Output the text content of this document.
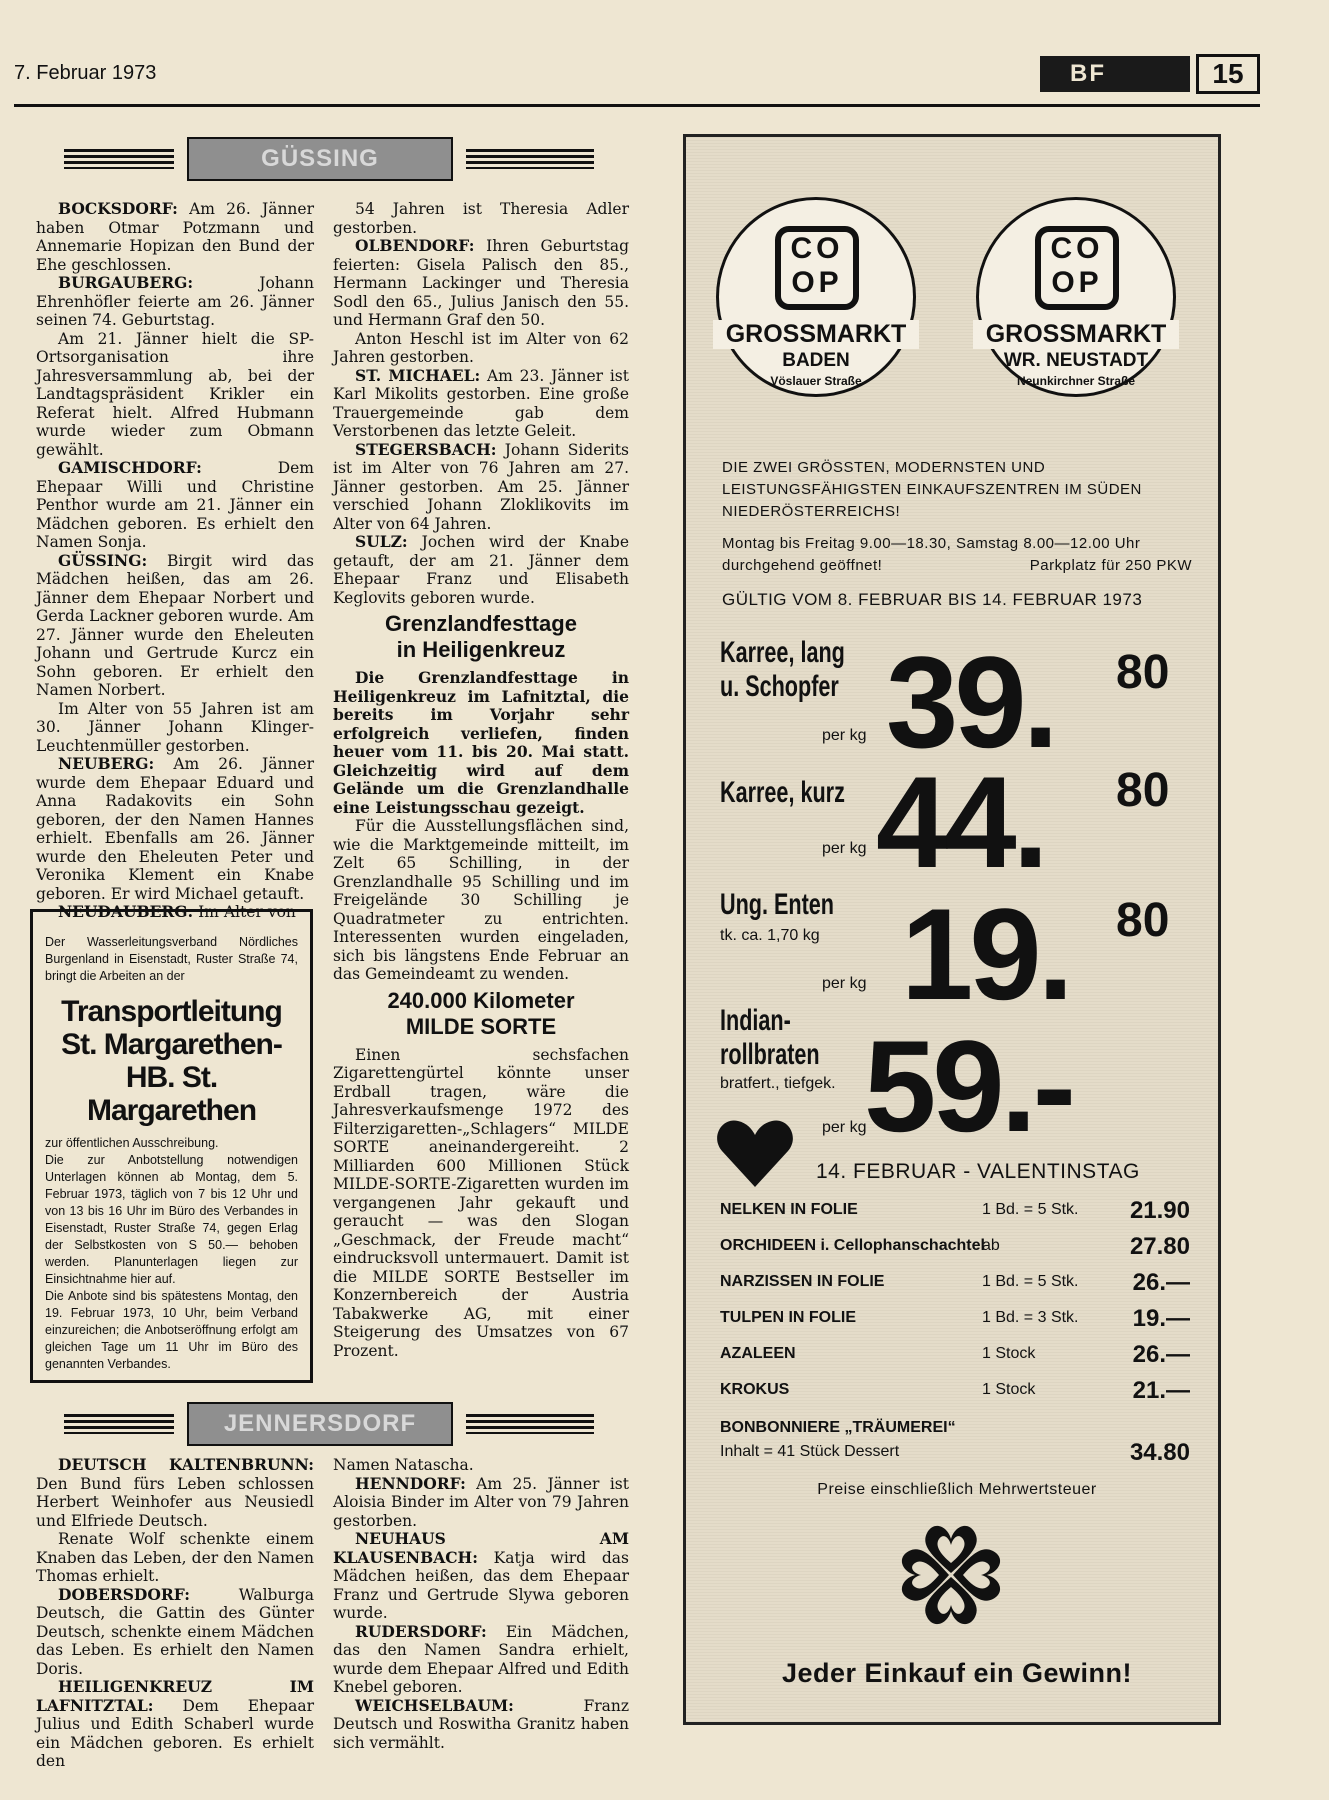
7. Februar 1973	BF	15
GÜSSING

BOCKSDORF: Am 26. Jänner haben Otmar Potzmann und Annemarie Hopizan den Bund der Ehe geschlossen.

BURGAUBERG: Johann Ehrenhöfler feierte am 26. Jänner seinen 74. Geburtstag.

Am 21. Jänner hielt die SP-Ortsorganisation ihre Jahresversammlung ab, bei der Landtagspräsident Krikler ein Referat hielt. Alfred Hubmann wurde wieder zum Obmann gewählt.

GAMISCHDORF: Dem Ehepaar Willi und Christine Penthor wurde am 21. Jänner ein Mädchen geboren. Es erhielt den Namen Sonja.

GÜSSING: Birgit wird das Mädchen heißen, das am 26. Jänner dem Ehepaar Norbert und Gerda Lackner geboren wurde. Am 27. Jänner wurde den Eheleuten Johann und Gertrude Kurcz ein Sohn geboren. Er erhielt den Namen Norbert.

Im Alter von 55 Jahren ist am 30. Jänner Johann Klinger-Leuchtenmüller gestorben.

NEUBERG: Am 26. Jänner wurde dem Ehepaar Eduard und Anna Radakovits ein Sohn geboren, der den Namen Hannes erhielt. Ebenfalls am 26. Jänner wurde den Eheleuten Peter und Veronika Klement ein Knabe geboren. Er wird Michael getauft.

NEUDAUBERG: Im Alter von

54 Jahren ist Theresia Adler gestorben.

OLBENDORF: Ihren Geburtstag feierten: Gisela Palisch den 85., Hermann Lackinger und Theresia Sodl den 65., Julius Janisch den 55. und Hermann Graf den 50.

Anton Heschl ist im Alter von 62 Jahren gestorben.

ST. MICHAEL: Am 23. Jänner ist Karl Mikolits gestorben. Eine große Trauergemeinde gab dem Verstorbenen das letzte Geleit.

STEGERSBACH: Johann Siderits ist im Alter von 76 Jahren am 27. Jänner gestorben. Am 25. Jänner verschied Johann Zloklikovits im Alter von 64 Jahren.

SULZ: Jochen wird der Knabe getauft, der am 21. Jänner dem Ehepaar Franz und Elisabeth Keglovits geboren wurde.

Grenzlandfesttage
in Heiligenkreuz

Die Grenzlandfesttage in Heiligenkreuz im Lafnitztal, die bereits im Vorjahr sehr erfolgreich verliefen, finden heuer vom 11. bis 20. Mai statt. Gleichzeitig wird auf dem Gelände um die Grenzlandhalle eine Leistungsschau gezeigt.

Für die Ausstellungsflächen sind, wie die Marktgemeinde mitteilt, im Zelt 65 Schilling, in der Grenzlandhalle 95 Schilling und im Freigelände 30 Schilling je Quadratmeter zu entrichten. Interessenten wurden eingeladen, sich bis längstens Ende Februar an das Gemeindeamt zu wenden.

240.000 Kilometer
MILDE SORTE

Einen sechsfachen Zigarettengürtel könnte unser Erdball tragen, wäre die Jahresverkaufsmenge 1972 des Filterzigaretten-„Schlagers“ MILDE SORTE aneinandergereiht. 2 Milliarden 600 Millionen Stück MILDE-SORTE-Zigaretten wurden im vergangenen Jahr gekauft und geraucht — was den Slogan „Geschmack, der Freude macht“ eindrucksvoll untermauert. Damit ist die MILDE SORTE Bestseller im Konzernbereich der Austria Tabakwerke AG, mit einer Steigerung des Umsatzes von 67 Prozent.

Der Wasserleitungsverband Nördliches Burgenland in Eisenstadt, Ruster Straße 74, bringt die Arbeiten an der
Transportleitung
St. Margarethen-
HB. St. Margarethen
zur öffentlichen Ausschreibung.
Die zur Anbotstellung notwendigen Unterlagen können ab Montag, dem 5. Februar 1973, täglich von 7 bis 12 Uhr und von 13 bis 16 Uhr im Büro des Verbandes in Eisenstadt, Ruster Straße 74, gegen Erlag der Selbstkosten von S 50.— behoben werden. Planunterlagen liegen zur Einsichtnahme hier auf.
Die Anbote sind bis spätestens Montag, den 19. Februar 1973, 10 Uhr, beim Verband einzureichen; die Anbotseröffnung erfolgt am gleichen Tage um 11 Uhr im Büro des genannten Verbandes.
JENNERSDORF

DEUTSCH KALTENBRUNN: Den Bund fürs Leben schlossen Herbert Weinhofer aus Neusiedl und Elfriede Deutsch.

Renate Wolf schenkte einem Knaben das Leben, der den Namen Thomas erhielt.

DOBERSDORF: Walburga Deutsch, die Gattin des Günter Deutsch, schenkte einem Mädchen das Leben. Es erhielt den Namen Doris.

HEILIGENKREUZ IM LAFNITZTAL: Dem Ehepaar Julius und Edith Schaberl wurde ein Mädchen geboren. Es erhielt den

Namen Natascha.

HENNDORF: Am 25. Jänner ist Aloisia Binder im Alter von 79 Jahren gestorben.

NEUHAUS AM KLAUSENBACH: Katja wird das Mädchen heißen, das dem Ehepaar Franz und Gertrude Slywa geboren wurde.

RUDERSDORF: Ein Mädchen, das den Namen Sandra erhielt, wurde dem Ehepaar Alfred und Edith Knebel geboren.

WEICHSELBAUM: Franz Deutsch und Roswitha Granitz haben sich vermählt.

CO
OP
GROSSMARKT
BADEN
Vöslauer Straße
CO
OP
GROSSMARKT
WR. NEUSTADT
Neunkirchner Straße
DIE ZWEI GRÖSSTEN, MODERNSTEN UND LEISTUNGSFÄHIGSTEN EINKAUFSZENTREN IM SÜDEN NIEDERÖSTERREICHS!
Montag bis Freitag 9.00—18.30, Samstag 8.00—12.00 Uhr
durchgehend geöffnet!	Parkplatz für 250 PKW
GÜLTIG VOM 8. FEBRUAR BIS 14. FEBRUAR 1973
Karree, lang
u. Schopfer
per kg 39. 80
Karree, kurz
per kg 44. 80
Ung. Enten
tk. ca. 1,70 kg
per kg 19. 80
Indian-
rollbraten
bratfert., tiefgek.
per kg
59.-
14. FEBRUAR - VALENTINSTAG
NELKEN IN FOLIE	1 Bd. = 5 Stk. 21.90
ORCHIDEEN i. Cellophanschachtel
ab	27.80
NARZISSEN IN FOLIE	1 Bd. = 5 Stk. 26.—
TULPEN IN FOLIE	1 Bd. = 3 Stk. 19.—
AZALEEN	1 Stock	26.—
KROKUS	1 Stock	21.—
BONBONNIERE „TRÄUMEREI“
Inhalt = 41 Stück Dessert	34.80
Preise einschließlich Mehrwertsteuer
Jeder Einkauf ein Gewinn!
